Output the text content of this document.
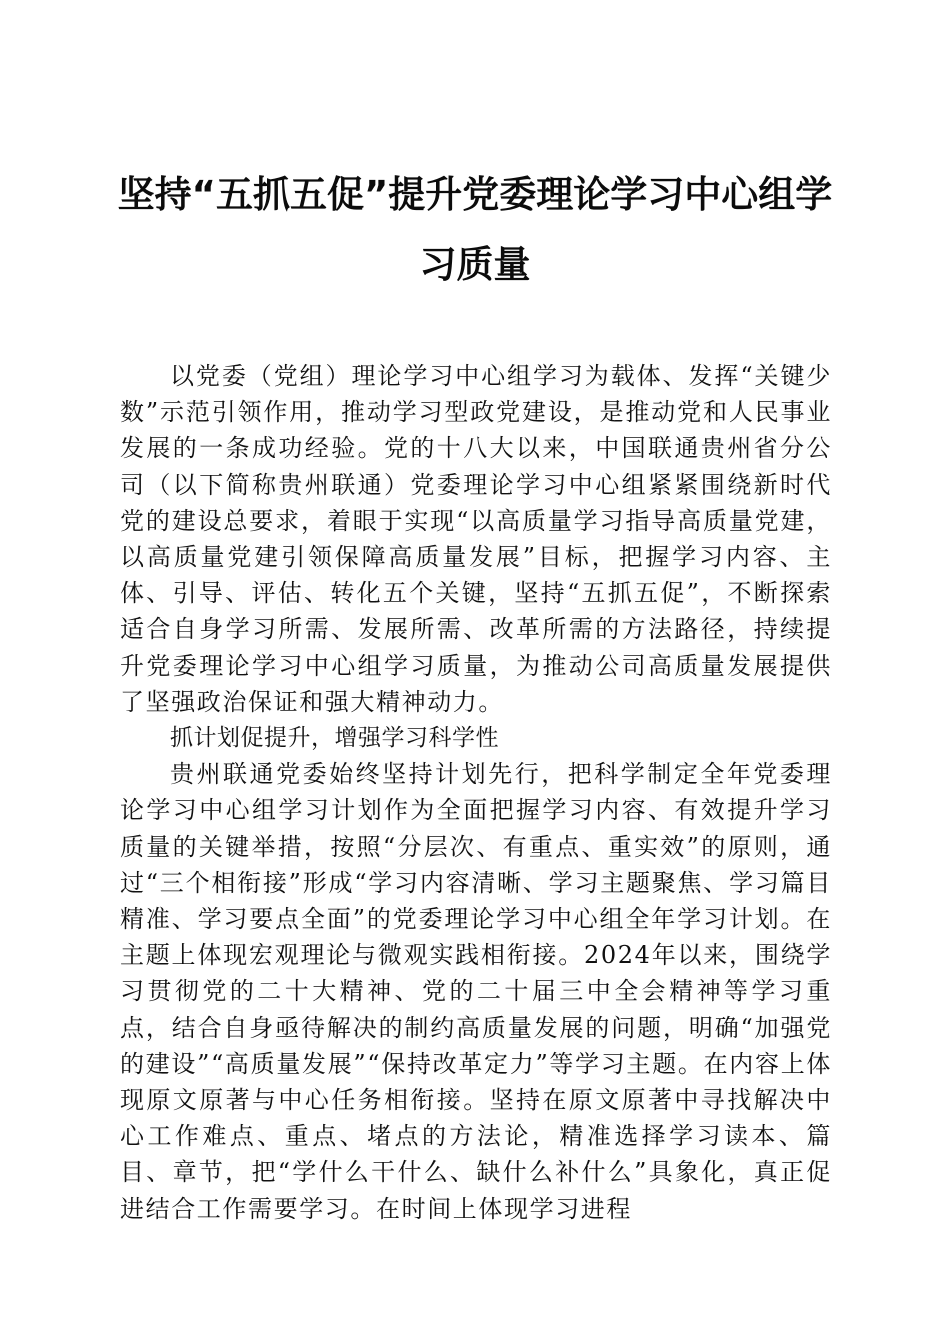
坚持“五抓五促”提升党委理论学习中心组学
习质量

以党委（党组）理论学习中心组学习为载体、发挥“关键少数”示范引领作用，推动学习型政党建设，是推动党和人民事业发展的一条成功经验。党的十八大以来，中国联通贵州省分公司（以下简称贵州联通）党委理论学习中心组紧紧围绕新时代党的建设总要求，着眼于实现“以高质量学习指导高质量党建，以高质量党建引领保障高质量发展”目标，把握学习内容、主体、引导、评估、转化五个关键，坚持“五抓五促”，不断探索适合自身学习所需、发展所需、改革所需的方法路径，持续提升党委理论学习中心组学习质量，为推动公司高质量发展提供了坚强政治保证和强大精神动力。

抓计划促提升，增强学习科学性

贵州联通党委始终坚持计划先行，把科学制定全年党委理论学习中心组学习计划作为全面把握学习内容、有效提升学习质量的关键举措，按照“分层次、有重点、重实效”的原则，通过“三个相衔接”形成“学习内容清晰、学习主题聚焦、学习篇目精准、学习要点全面”的党委理论学习中心组全年学习计划。在主题上体现宏观理论与微观实践相衔接。2024年以来，围绕学习贯彻党的二十大精神、党的二十届三中全会精神等学习重点，结合自身亟待解决的制约高质量发展的问题，明确“加强党的建设”“高质量发展”“保持改革定力”等学习主题。在内容上体现原文原著与中心任务相衔接。坚持在原文原著中寻找解决中心工作难点、重点、堵点的方法论，精准选择学习读本、篇目、章节，把“学什么干什么、缺什么补什么”具象化，真正促进结合工作需要学习。在时间上体现学习进程
